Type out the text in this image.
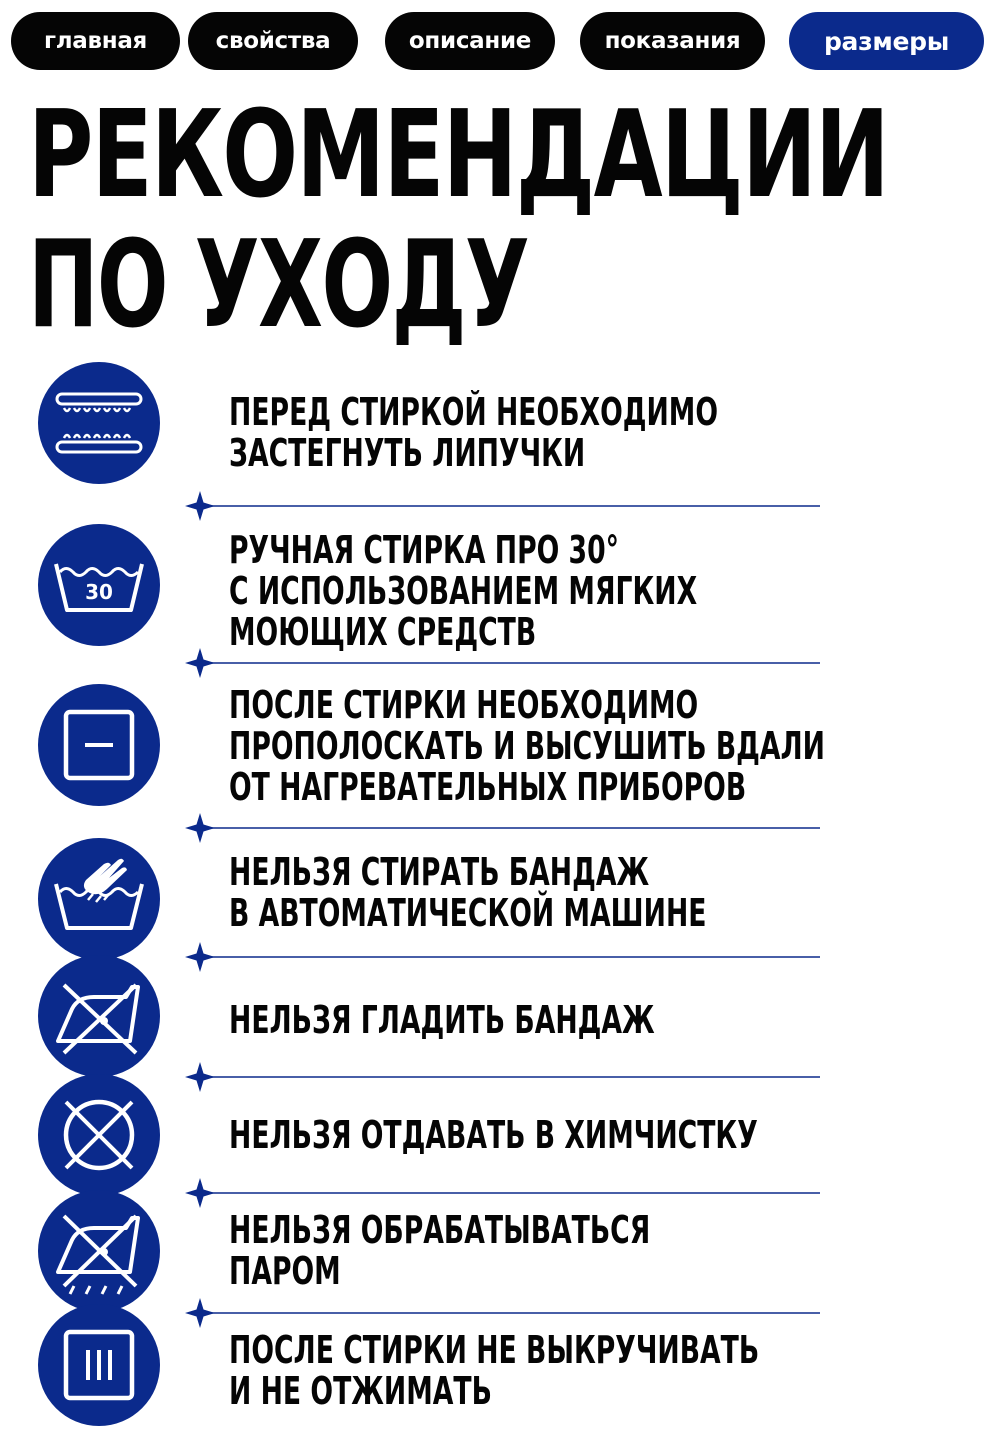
главная	свойства	описание	показания	размеры
РЕКОМЕНДАЦИИ
ПО УХОДУ
ПЕРЕД СТИРКОЙ НЕОБХОДИМО
ЗАСТЕГНУТЬ ЛИПУЧКИ
30
РУЧНАЯ СТИРКА ПРО 30°
С ИСПОЛЬЗОВАНИЕМ МЯГКИХ
МОЮЩИХ СРЕДСТВ
ПОСЛЕ СТИРКИ НЕОБХОДИМО
ПРОПОЛОСКАТЬ И ВЫСУШИТЬ ВДАЛИ
ОТ НАГРЕВАТЕЛЬНЫХ ПРИБОРОВ
НЕЛЬЗЯ СТИРАТЬ БАНДАЖ
В АВТОМАТИЧЕСКОЙ МАШИНЕ
НЕЛЬЗЯ ГЛАДИТЬ БАНДАЖ
НЕЛЬЗЯ ОТДАВАТЬ В ХИМЧИСТКУ
НЕЛЬЗЯ ОБРАБАТЫВАТЬСЯ
ПАРОМ
ПОСЛЕ СТИРКИ НЕ ВЫКРУЧИВАТЬ
И НЕ ОТЖИМАТЬ
